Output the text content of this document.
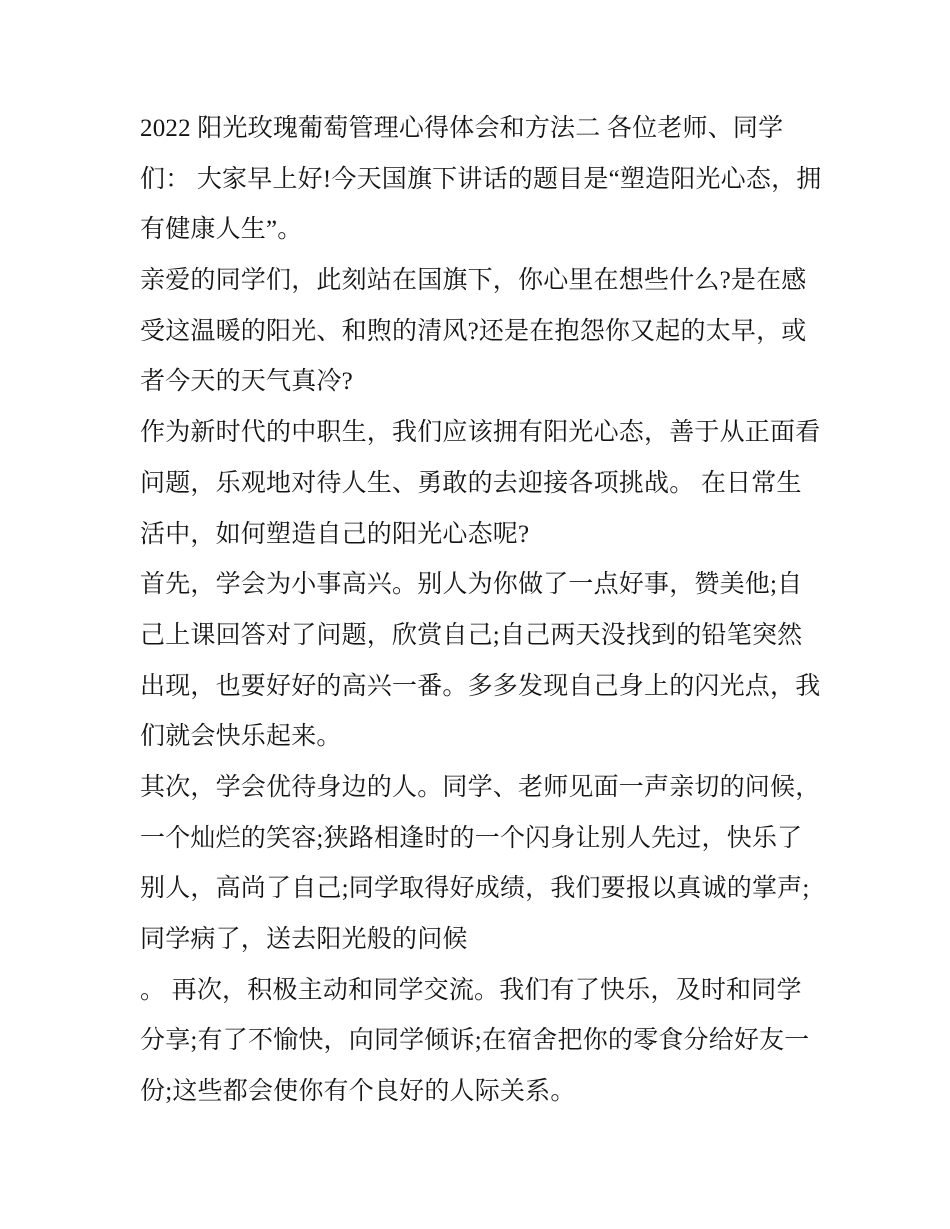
2022 阳光玫瑰葡萄管理心得体会和方法二 各位老师、同学
们： 大家早上好!今天国旗下讲话的题目是“塑造阳光心态，拥
有健康人生”。
亲爱的同学们，此刻站在国旗下，你心里在想些什么?是在感
受这温暖的阳光、和煦的清风?还是在抱怨你又起的太早，或
者今天的天气真冷?
作为新时代的中职生，我们应该拥有阳光心态，善于从正面看
问题，乐观地对待人生、勇敢的去迎接各项挑战。 在日常生
活中，如何塑造自己的阳光心态呢?
首先，学会为小事高兴。别人为你做了一点好事，赞美他;自
己上课回答对了问题，欣赏自己;自己两天没找到的铅笔突然
出现，也要好好的高兴一番。多多发现自己身上的闪光点，我
们就会快乐起来。
其次，学会优待身边的人。同学、老师见面一声亲切的问候，
一个灿烂的笑容;狭路相逢时的一个闪身让别人先过，快乐了
别人，高尚了自己;同学取得好成绩，我们要报以真诚的掌声;
同学病了，送去阳光般的问候
。 再次，积极主动和同学交流。我们有了快乐，及时和同学
分享;有了不愉快，向同学倾诉;在宿舍把你的零食分给好友一
份;这些都会使你有个良好的人际关系。
